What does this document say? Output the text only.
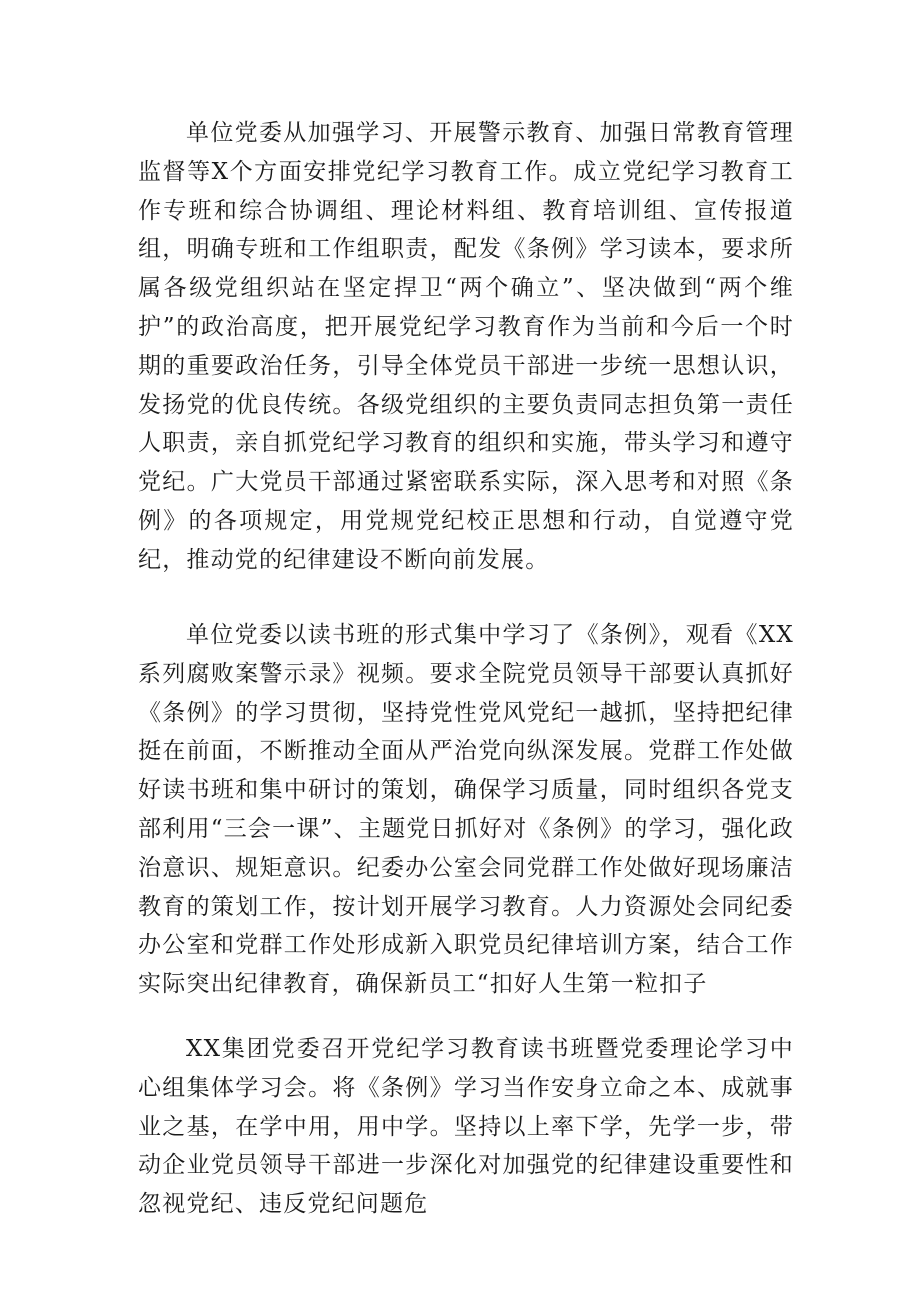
单位党委从加强学习、开展警示教育、加强日常教育管理监督等X个方面安排党纪学习教育工作。成立党纪学习教育工作专班和综合协调组、理论材料组、教育培训组、宣传报道组，明确专班和工作组职责，配发《条例》学习读本，要求所属各级党组织站在坚定捍卫“两个确立”、坚决做到“两个维护”的政治高度，把开展党纪学习教育作为当前和今后一个时期的重要政治任务，引导全体党员干部进一步统一思想认识，发扬党的优良传统。各级党组织的主要负责同志担负第一责任人职责，亲自抓党纪学习教育的组织和实施，带头学习和遵守党纪。广大党员干部通过紧密联系实际，深入思考和对照《条例》的各项规定，用党规党纪校正思想和行动，自觉遵守党纪，推动党的纪律建设不断向前发展。

单位党委以读书班的形式集中学习了《条例》，观看《XX系列腐败案警示录》视频。要求全院党员领导干部要认真抓好《条例》的学习贯彻，坚持党性党风党纪一越抓，坚持把纪律挺在前面，不断推动全面从严治党向纵深发展。党群工作处做好读书班和集中研讨的策划，确保学习质量，同时组织各党支部利用“三会一课”、主题党日抓好对《条例》的学习，强化政治意识、规矩意识。纪委办公室会同党群工作处做好现场廉洁教育的策划工作，按计划开展学习教育。人力资源处会同纪委办公室和党群工作处形成新入职党员纪律培训方案，结合工作实际突出纪律教育，确保新员工“扣好人生第一粒扣子

XX集团党委召开党纪学习教育读书班暨党委理论学习中心组集体学习会。将《条例》学习当作安身立命之本、成就事业之基，在学中用，用中学。坚持以上率下学，先学一步，带动企业党员领导干部进一步深化对加强党的纪律建设重要性和忽视党纪、违反党纪问题危
